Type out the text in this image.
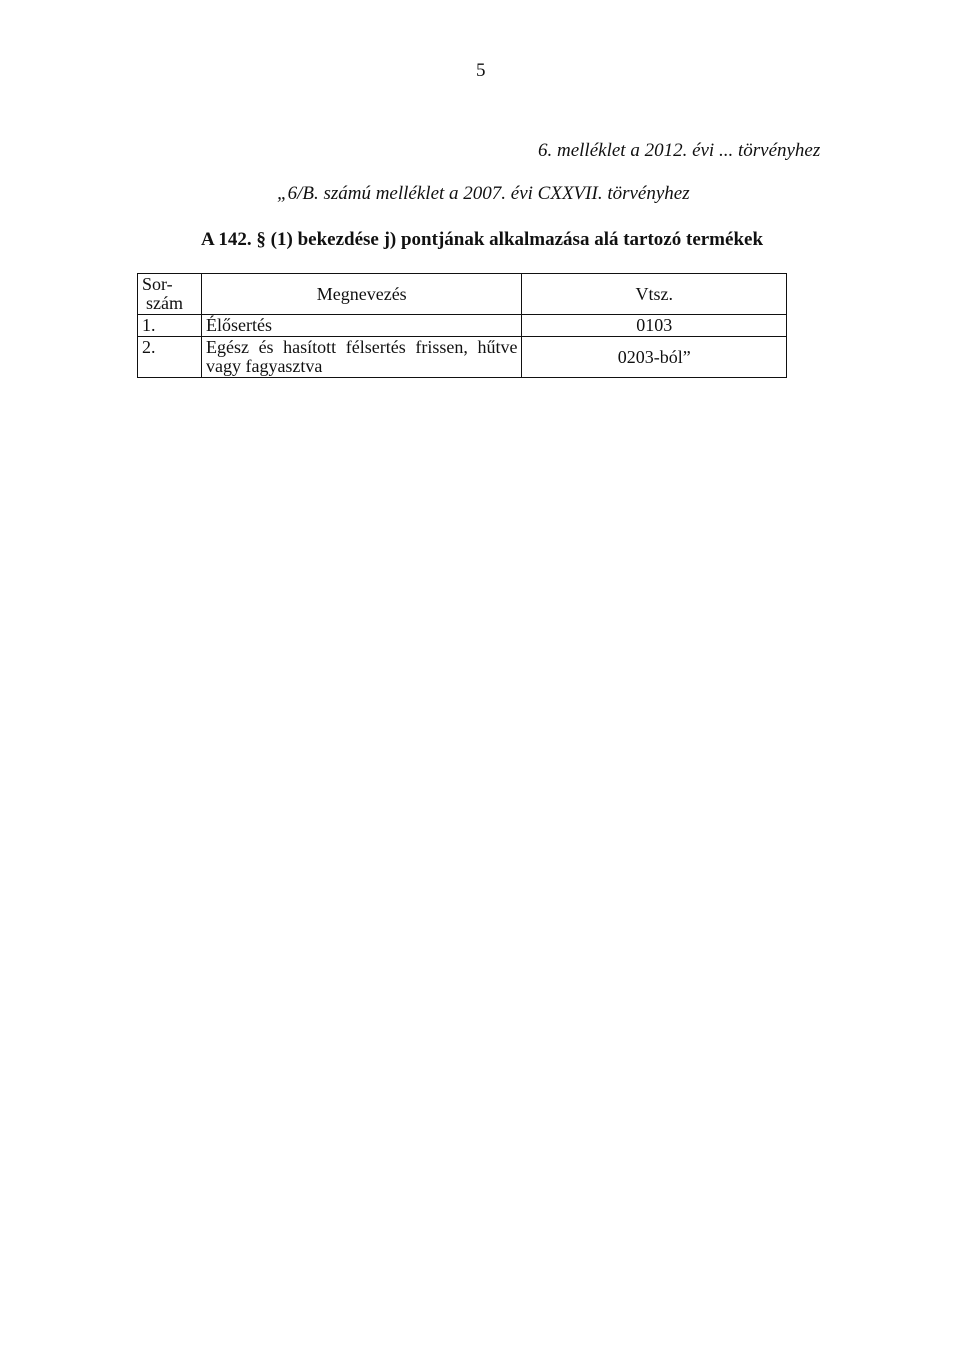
5
6. melléklet a 2012. évi ... törvényhez
„6/B. számú melléklet a 2007. évi CXXVII. törvényhez
A 142. § (1) bekezdése j) pontjának alkalmazása alá tartozó termékek
Sor-
szám	Megnevezés	Vtsz.
1.	Élősertés	0103
2.	Egész és hasított félsertés frissen, hűtve vagy fagyasztva	0203-ból”
